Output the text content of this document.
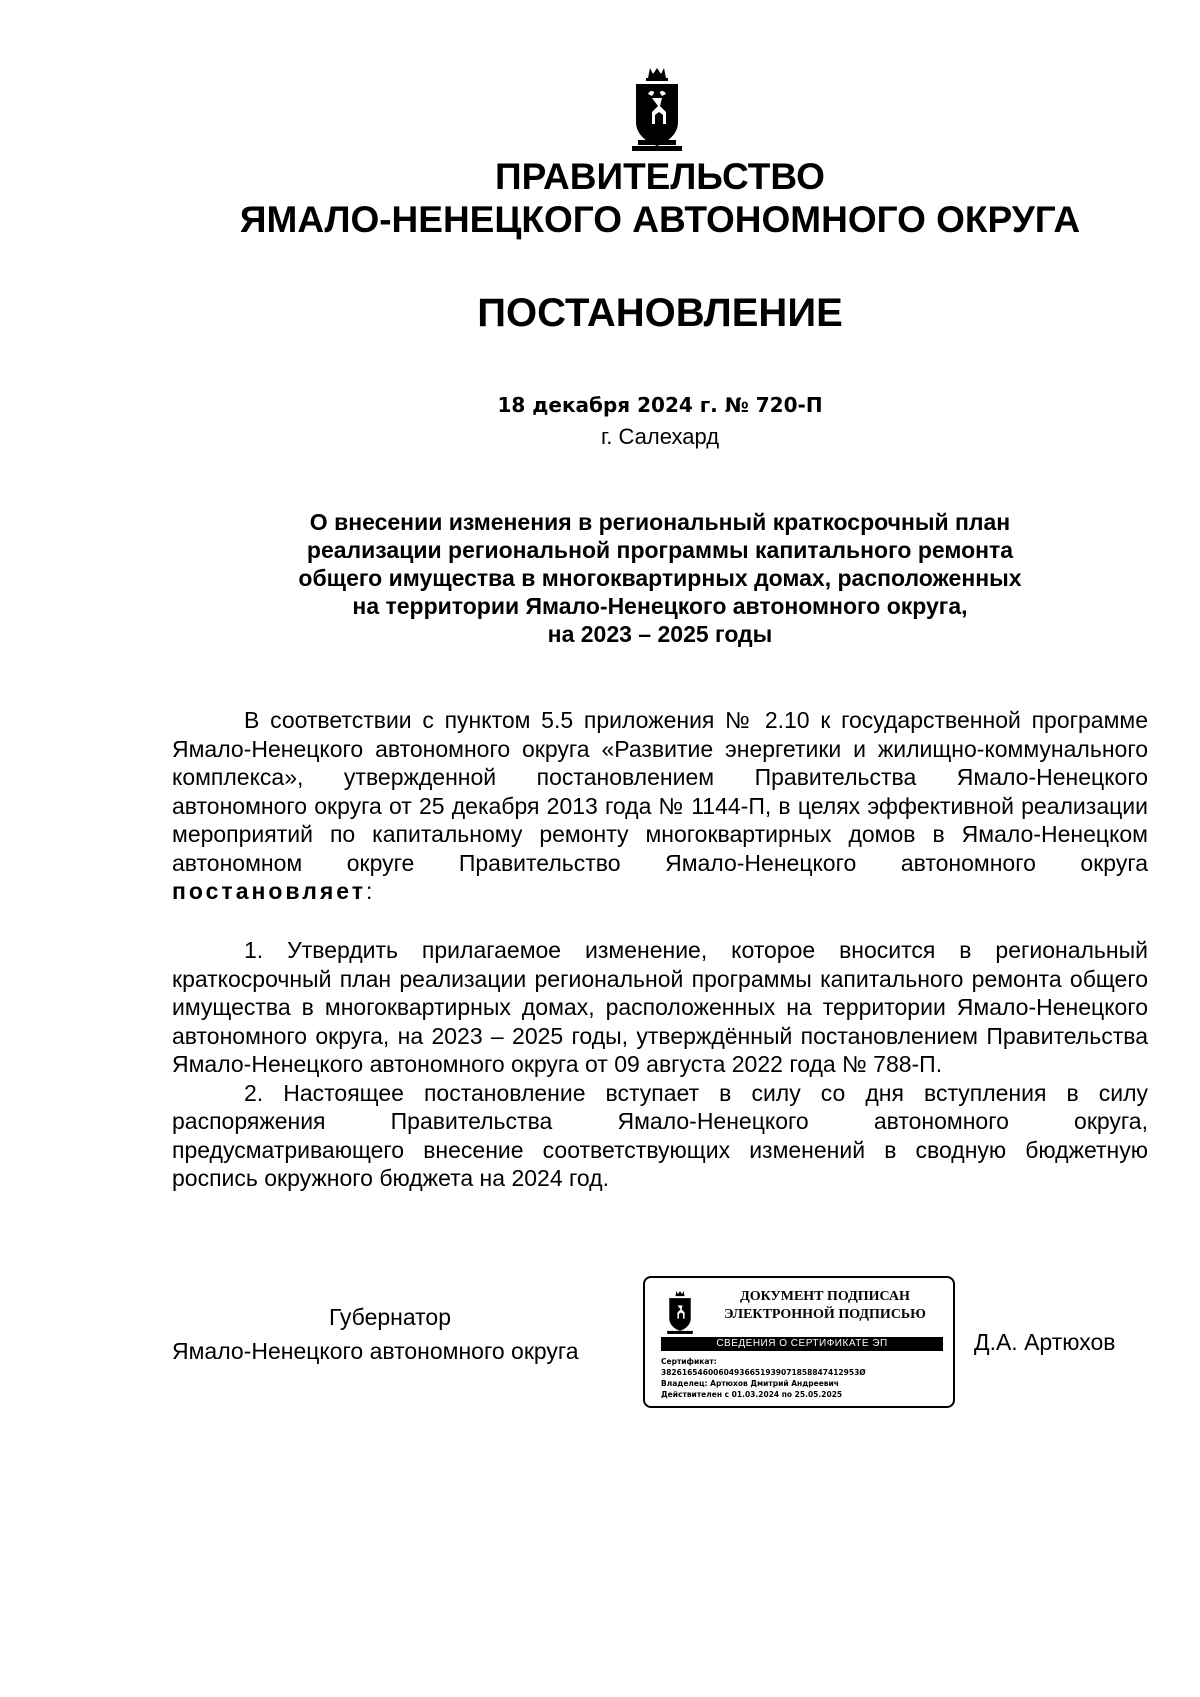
ПРАВИТЕЛЬСТВО
ЯМАЛО-НЕНЕЦКОГО АВТОНОМНОГО ОКРУГА
ПОСТАНОВЛЕНИЕ
18 декабря 2024 г. № 720-П
г. Салехард
О внесении изменения в региональный краткосрочный план
реализации региональной программы капитального ремонта
общего имущества в многоквартирных домах, расположенных
на территории Ямало-Ненецкого автономного округа,
на 2023 – 2025 годы

В соответствии с пунктом 5.5 приложения № 2.10 к государственной программе Ямало-Ненецкого автономного округа «Развитие энергетики и жилищно-коммунального комплекса», утвержденной постановлением Правительства Ямало-Ненецкого автономного округа от 25 декабря 2013 года № 1144-П, в целях эффективной реализации мероприятий по капитальному ремонту многоквартирных домов в Ямало-Ненецком автономном округе Правительство Ямало-Ненецкого автономного округа постановляет:

1. Утвердить прилагаемое изменение, которое вносится в региональный краткосрочный план реализации региональной программы капитального ремонта общего имущества в многоквартирных домах, расположенных на территории Ямало-Ненецкого автономного округа, на 2023 – 2025 годы, утверждённый постановлением Правительства Ямало-Ненецкого автономного округа от 09 августа 2022 года № 788-П.

2. Настоящее постановление вступает в силу со дня вступления в силу распоряжения Правительства Ямало-Ненецкого автономного округа, предусматривающего внесение соответствующих изменений в сводную бюджетную роспись окружного бюджета на 2024 год.

Губернатор
Ямало-Ненецкого автономного округа
ДОКУМЕНТ ПОДПИСАН
ЭЛЕКТРОННОЙ ПОДПИСЬЮ
СВЕДЕНИЯ О СЕРТИФИКАТЕ ЭП
Сертификат:
38261654600604936651939071858847412953Ø
Владелец: Артюхов Дмитрий Андреевич
Действителен с 01.03.2024 по 25.05.2025
Д.А. Артюхов
